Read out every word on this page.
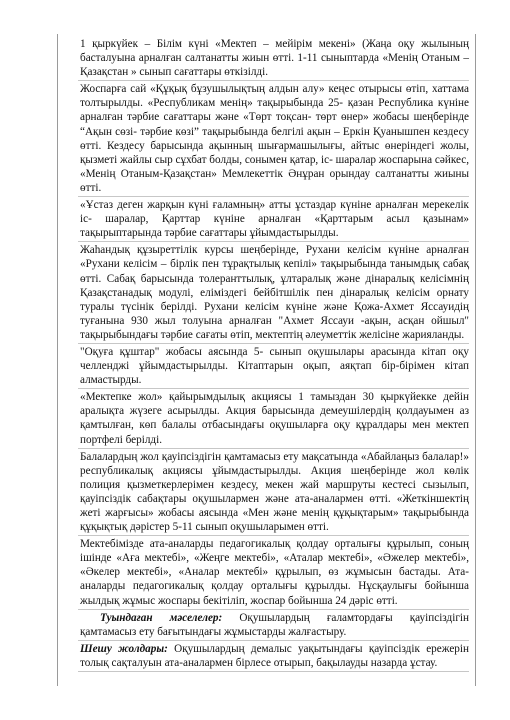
1 қыркүйек – Білім күні «Мектеп – мейірім мекені» (Жаңа оқу жылының басталуына арналған салтанатты жиын өтті. 1-11 сыныптарда «Менің Отаным –Қазақстан » сынып сағаттары өткізілді.

Жоспарға сай «Құқық бұзушылықтың алдын алу» кеңес отырысы өтіп, хаттама толтырылды. «Республикам менің» тақырыбында 25- қазан Республика күніне арналған тәрбие сағаттары және «Төрт тоқсан- төрт өнер» жобасы шеңберінде “Ақын сөзі- тәрбие көзі” тақырыбында белгілі ақын – Еркін Қуанышпен кездесу өтті. Кездесу барысында ақынның шығармашылығы, айтыс өнеріндегі жолы, қызметі жайлы сыр сұхбат болды, сонымен қатар, іс- шаралар жоспарына сәйкес, «Менің Отаным-Қазақстан» Мемлекеттік Әнұран орындау салтанатты жиыны өтті.

«Ұстаз деген жарқын күні ғаламның» атты ұстаздар күніне арналған мерекелік іс- шаралар, Қарттар күніне арналған «Қарттарым асыл қазынам» тақырыптарында тәрбие сағаттары ұйымдастырылды.

Жаһандық құзыреттілік курсы шеңберінде, Рухани келісім күніне арналған «Рухани келісім – бірлік пен тұрақтылық кепілі» тақырыбында танымдық сабақ өтті. Сабақ барысында толеранттылық, ұлтаралық және дінаралық келісімнің Қазақстанадық модулі, еліміздегі бейбітшілік пен дінаралық келісім орнату туралы түсінік берілді. Рухани келісім күніне және Қожа-Ахмет Яссауидің туғанына 930 жыл толуына арналған "Ахмет Яссауи -ақын, асқан ойшыл" тақырыбындағы тәрбие сағаты өтіп, мектептің әлеуметтік желісіне жарияланды.

"Оқуға құштар" жобасы аясында 5- сынып оқушылары арасында кітап оқу челленджі ұйымдастырылды. Кітаптарын оқып, аяқтап бір-бірімен кітап алмастырды.

«Мектепке жол» қайырымдылық акциясы 1 тамыздан 30 қыркүйекке дейін аралықта жүзеге асырылды. Акция барысында демеушілердің қолдауымен аз қамтылған, көп балалы отбасындағы оқушыларға оқу құралдары мен мектеп портфелі берілді.

Балалардың жол қауіпсіздігін қамтамасыз ету мақсатында «Абайлаңыз балалар!» республикалық акциясы ұйымдастырылды. Акция шеңберінде жол көлік полиция қызметкерлерімен кездесу, мекен жай маршруты кестесі сызылып, қауіпсіздік сабақтары оқушылармен және ата-аналармен өтті. «Жеткіншектің жеті жарғысы» жобасы аясында «Мен және менің құқықтарым» тақырыбында құқықтық дәрістер 5-11 сынып оқушыларымен өтті.

Мектебімізде ата-аналарды педагогикалық қолдау орталығы құрылып, соның ішінде «Аға мектебі», «Жеңге мектебі», «Аталар мектебі», «Әжелер мектебі», «Әкелер мектебі», «Аналар мектебі» құрылып, өз жұмысын бастады. Ата-аналарды педагогикалық қолдау орталығы құрылды. Нұсқаулығы бойынша жылдық жұмыс жоспары бекітіліп, жоспар бойынша 24 дәріс өтті.

Туындаған мәселелер: Оқушылардың ғаламтордағы қауіпсіздігін қамтамасыз ету бағытындағы жұмыстарды жалғастыру.

Шешу жолдары: Оқушылардың демалыс уақытындағы қауіпсіздік ережерін толық сақталуын ата-аналармен бірлесе отырып, бақылауды назарда ұстау.
